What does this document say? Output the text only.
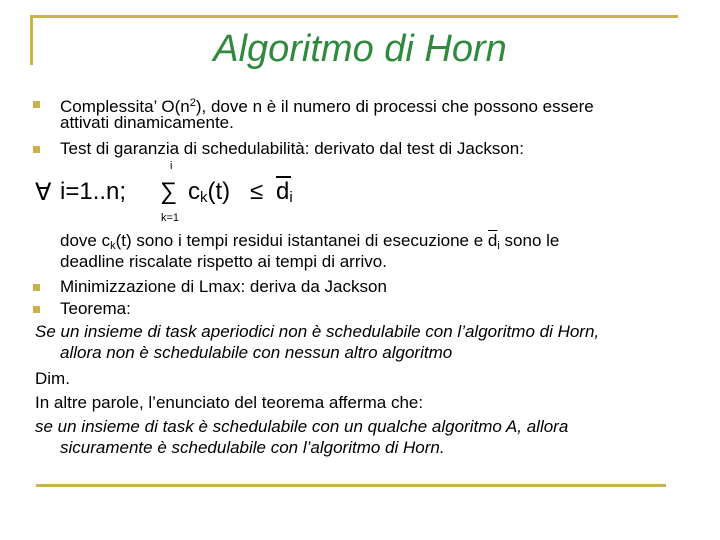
Algoritmo di Horn
Complessita’ $O(n^2)$, dove n è il numero di processi che possono essere
attivati dinamicamente.
Test di garanzia di schedulabilità: derivato dal test di Jackson:
∀ i=1..n; ∑
i
k=1
$c_k(t) \le d_i$
dove $c_k(t)$ sono i tempi residui istantanei di esecuzione e $\overline{d}_i$ sono le
deadline riscalate rispetto ai tempi di arrivo.
Minimizzazione di Lmax: deriva da Jackson
Teorema:
Se un insieme di task aperiodici non è schedulabile con l’algoritmo di Horn,
allora non è schedulabile con nessun altro algoritmo
Dim.
In altre parole, l’enunciato del teorema afferma che:
se un insieme di task è schedulabile con un qualche algoritmo A, allora
sicuramente è schedulabile con l’algoritmo di Horn.
